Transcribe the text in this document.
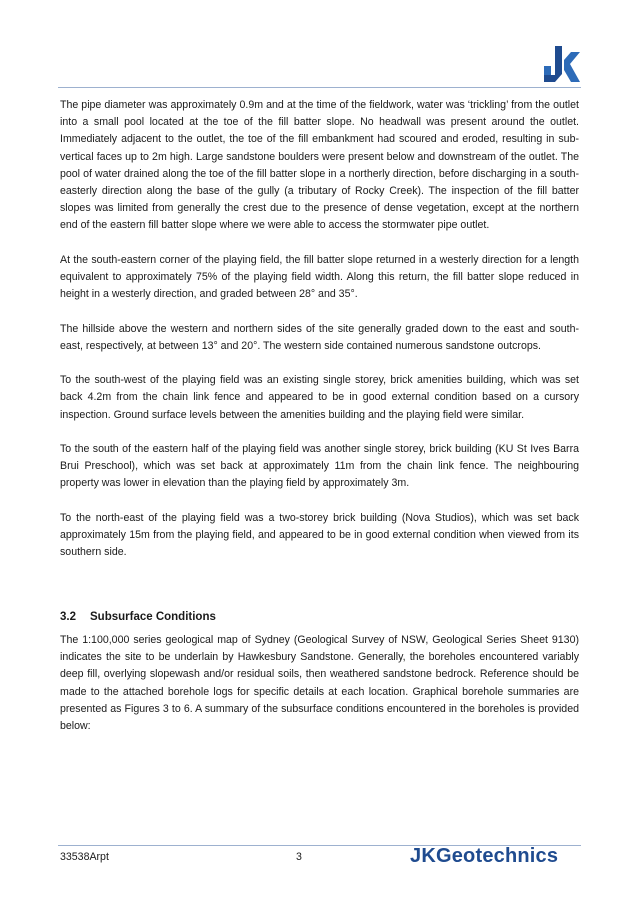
The pipe diameter was approximately 0.9m and at the time of the fieldwork, water was ‘trickling’ from the outlet into a small pool located at the toe of the fill batter slope. No headwall was present around the outlet. Immediately adjacent to the outlet, the toe of the fill embankment had scoured and eroded, resulting in sub-vertical faces up to 2m high. Large sandstone boulders were present below and downstream of the outlet. The pool of water drained along the toe of the fill batter slope in a northerly direction, before discharging in a south-easterly direction along the base of the gully (a tributary of Rocky Creek). The inspection of the fill batter slopes was limited from generally the crest due to the presence of dense vegetation, except at the northern end of the eastern fill batter slope where we were able to access the stormwater pipe outlet.

At the south-eastern corner of the playing field, the fill batter slope returned in a westerly direction for a length equivalent to approximately 75% of the playing field width. Along this return, the fill batter slope reduced in height in a westerly direction, and graded between 28° and 35°.

The hillside above the western and northern sides of the site generally graded down to the east and south-east, respectively, at between 13° and 20°. The western side contained numerous sandstone outcrops.

To the south-west of the playing field was an existing single storey, brick amenities building, which was set back 4.2m from the chain link fence and appeared to be in good external condition based on a cursory inspection. Ground surface levels between the amenities building and the playing field were similar.

To the south of the eastern half of the playing field was another single storey, brick building (KU St Ives Barra Brui Preschool), which was set back at approximately 11m from the chain link fence. The neighbouring property was lower in elevation than the playing field by approximately 3m.

To the north-east of the playing field was a two-storey brick building (Nova Studios), which was set back approximately 15m from the playing field, and appeared to be in good external condition when viewed from its southern side.

3.2 Subsurface Conditions

The 1:100,000 series geological map of Sydney (Geological Survey of NSW, Geological Series Sheet 9130) indicates the site to be underlain by Hawkesbury Sandstone. Generally, the boreholes encountered variably deep fill, overlying slopewash and/or residual soils, then weathered sandstone bedrock. Reference should be made to the attached borehole logs for specific details at each location. Graphical borehole summaries are presented as Figures 3 to 6. A summary of the subsurface conditions encountered in the boreholes is provided below:

33538Arpt	3	JKGeotechnics
